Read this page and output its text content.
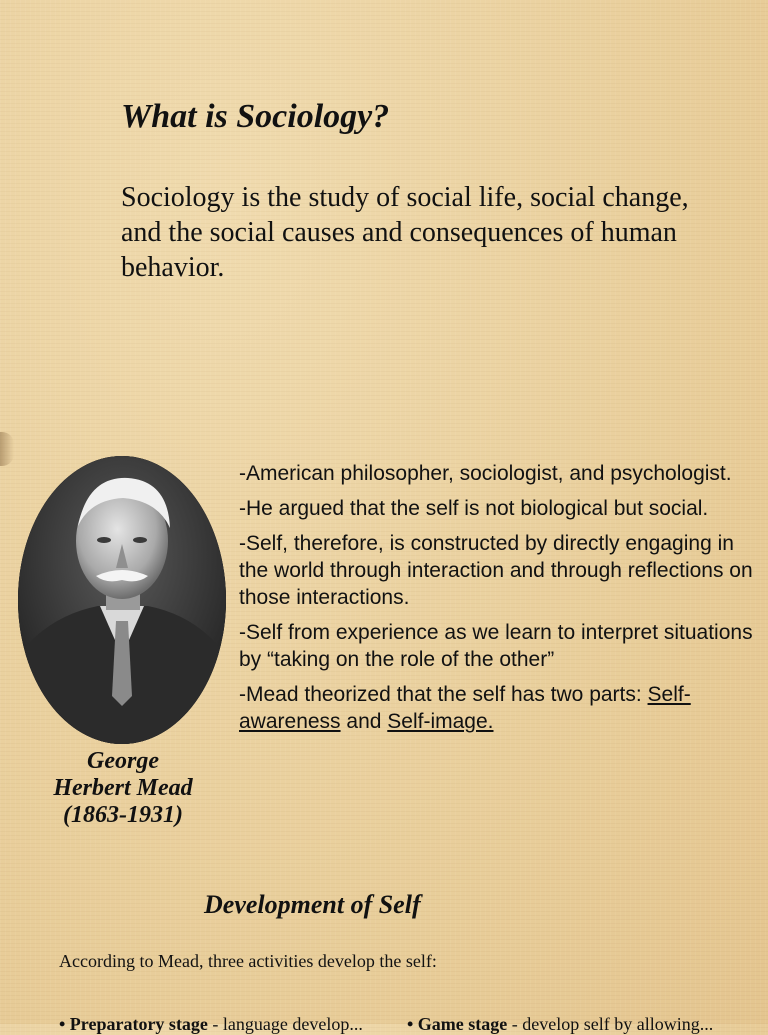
What is Sociology?

Sociology is the study of social life, social change, and the social causes and consequences of human behavior.

George
Herbert Mead
(1863-1931)

-American philosopher, sociologist, and psychologist.

-He argued that the self is not biological but social.

-Self, therefore, is constructed by directly engaging in the world through interaction and through reflections on those interactions.

-Self from experience as we learn to interpret situations by “taking on the role of the other”

-Mead theorized that the self has two parts: Self-awareness and Self-image.

Development of Self

According to Mead, three activities develop the self:

• Preparatory stage - language develop... • Game stage - develop self by allowing...
